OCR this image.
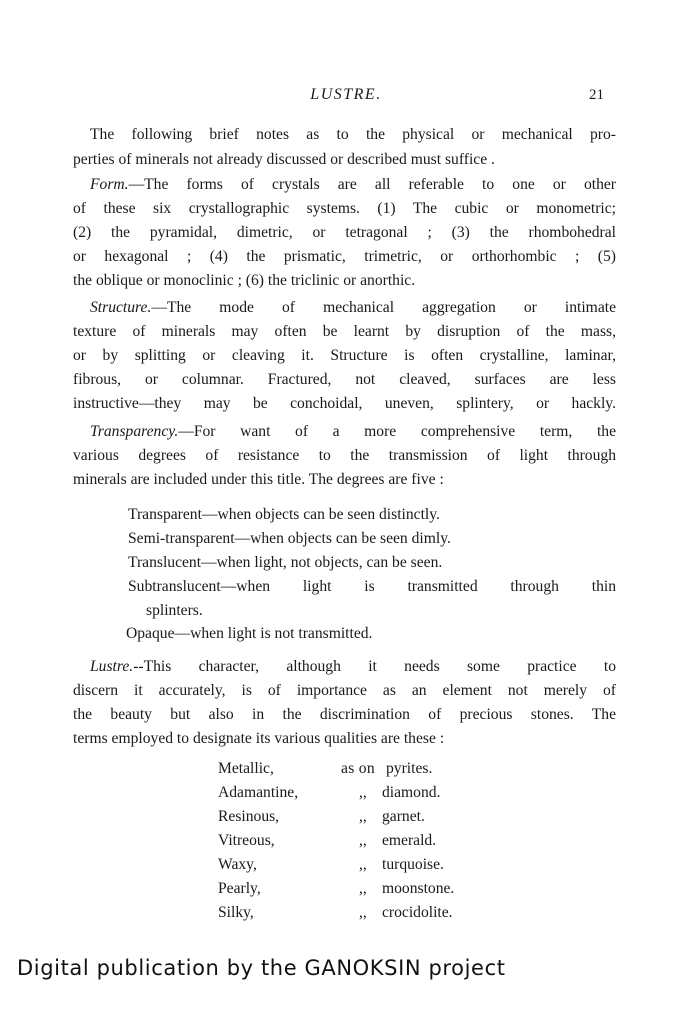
LUSTRE.	21
The following brief notes as to the physical or mechanical pro-
perties of minerals not already discussed or described must suffice .
Form.—The forms of crystals are all referable to one or other
of these six crystallographic systems. (1) The cubic or monometric;
(2) the pyramidal, dimetric, or tetragonal ; (3) the rhombohedral
or hexagonal ; (4) the prismatic, trimetric, or orthorhombic ; (5)
the oblique or monoclinic ; (6) the triclinic or anorthic.
Structure.—The mode of mechanical aggregation or intimate
texture of minerals may often be learnt by disruption of the mass,
or by splitting or cleaving it. Structure is often crystalline, laminar,
fibrous, or columnar. Fractured, not cleaved, surfaces are less
instructive—they may be conchoidal, uneven, splintery, or hackly.
Transparency.—For want of a more comprehensive term, the
various degrees of resistance to the transmission of light through
minerals are included under this title. The degrees are five :
Transparent—when objects can be seen distinctly.
Semi-transparent—when objects can be seen dimly.
Translucent—when light, not objects, can be seen.
Subtranslucent—when light is transmitted through thin
splinters.
Opaque—when light is not transmitted.
Lustre.--This character, although it needs some practice to
discern it accurately, is of importance as an element not merely of
the beauty but also in the discrimination of precious stones. The
terms employed to designate its various qualities are these :
Metallic,	as on pyrites.
Adamantine,	,, diamond.
Resinous,	,, garnet.
Vitreous,	,, emerald.
Waxy,	,, turquoise.
Pearly,	,, moonstone.
Silky,	,, crocidolite.
Digital publication by the GANOKSIN project
